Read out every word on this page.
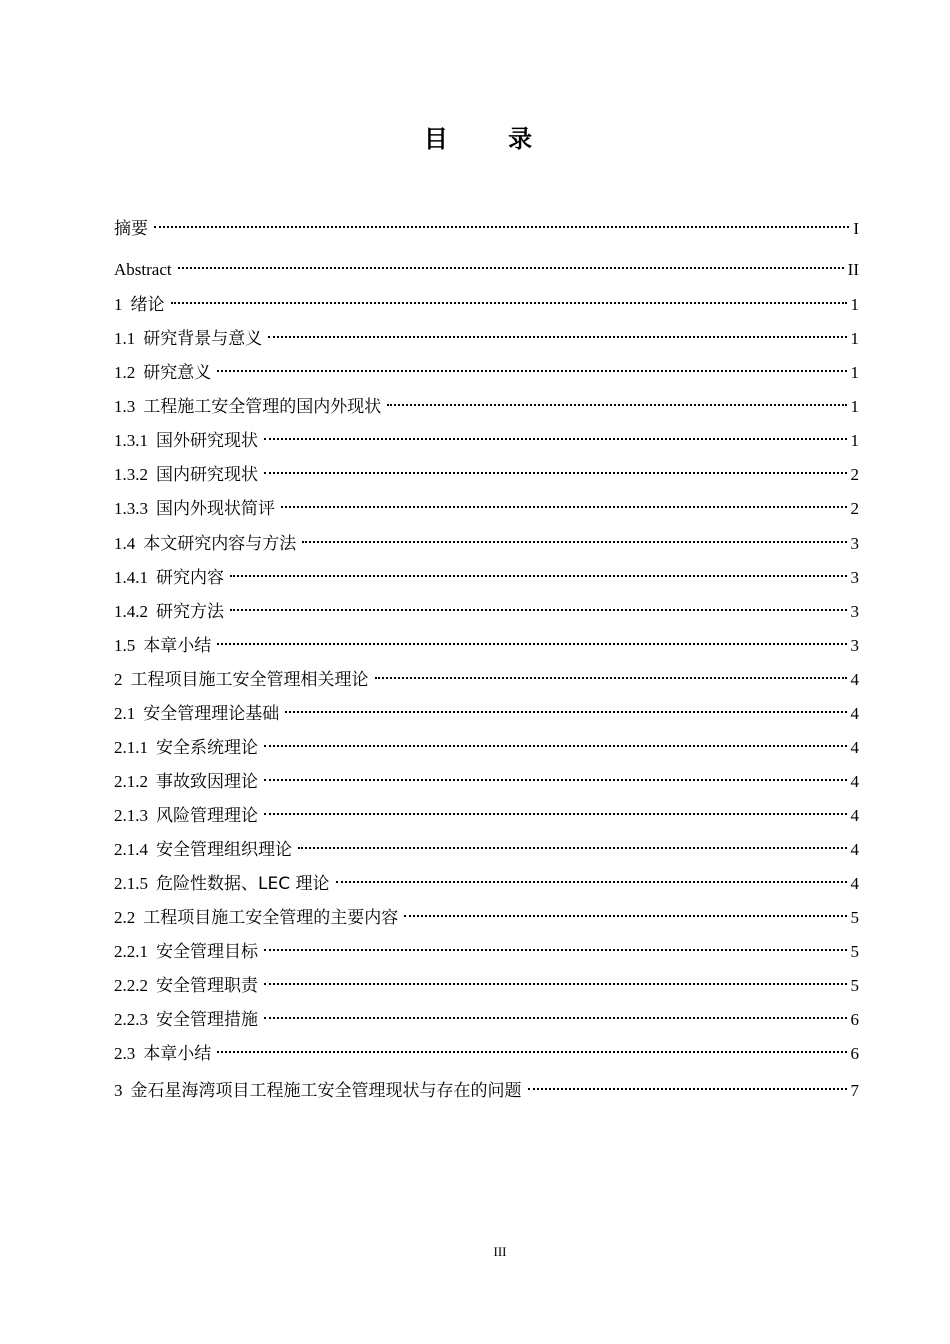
目 录
摘要	I
Abstract	II
1 绪论	1
1.1 研究背景与意义	1
1.2 研究意义	1
1.3 工程施工安全管理的国内外现状	1
1.3.1 国外研究现状	1
1.3.2 国内研究现状	2
1.3.3 国内外现状简评	2
1.4 本文研究内容与方法	3
1.4.1 研究内容	3
1.4.2 研究方法	3
1.5 本章小结	3
2 工程项目施工安全管理相关理论	4
2.1 安全管理理论基础	4
2.1.1 安全系统理论	4
2.1.2 事故致因理论	4
2.1.3 风险管理理论	4
2.1.4 安全管理组织理论	4
2.1.5 危险性数据、LEC 理论	4
2.2 工程项目施工安全管理的主要内容	5
2.2.1 安全管理目标	5
2.2.2 安全管理职责	5
2.2.3 安全管理措施	6
2.3 本章小结	6
3 金石星海湾项目工程施工安全管理现状与存在的问题	7
III
